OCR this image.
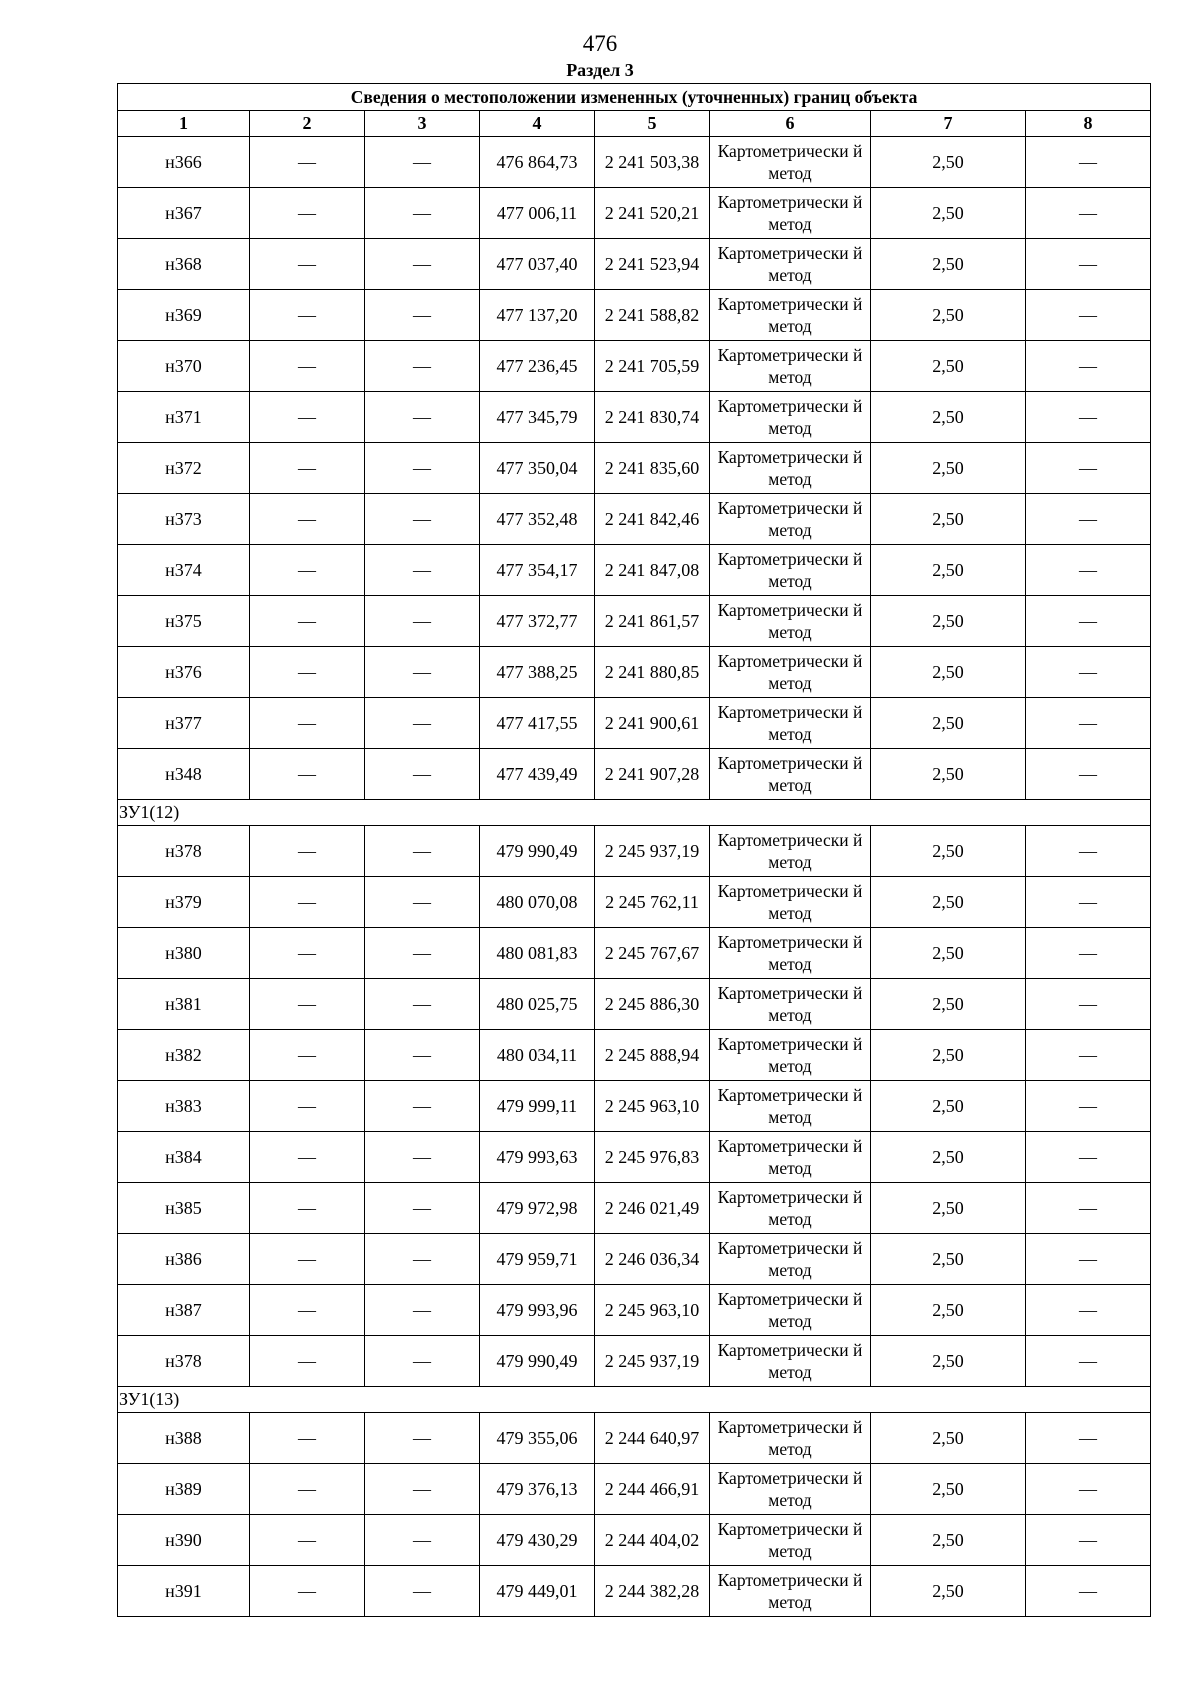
476
Раздел 3
Сведения о местоположении измененных (уточненных) границ объекта							
1	2	3	4	5	6	7	8
н366	—	—	476 864,73	2 241 503,38	Картометрически й метод	2,50	—
н367	—	—	477 006,11	2 241 520,21	Картометрически й метод	2,50	—
н368	—	—	477 037,40	2 241 523,94	Картометрически й метод	2,50	—
н369	—	—	477 137,20	2 241 588,82	Картометрически й метод	2,50	—
н370	—	—	477 236,45	2 241 705,59	Картометрически й метод	2,50	—
н371	—	—	477 345,79	2 241 830,74	Картометрически й метод	2,50	—
н372	—	—	477 350,04	2 241 835,60	Картометрически й метод	2,50	—
н373	—	—	477 352,48	2 241 842,46	Картометрически й метод	2,50	—
н374	—	—	477 354,17	2 241 847,08	Картометрически й метод	2,50	—
н375	—	—	477 372,77	2 241 861,57	Картометрически й метод	2,50	—
н376	—	—	477 388,25	2 241 880,85	Картометрически й метод	2,50	—
н377	—	—	477 417,55	2 241 900,61	Картометрически й метод	2,50	—
н348	—	—	477 439,49	2 241 907,28	Картометрически й метод	2,50	—
ЗУ1(12)							
н378	—	—	479 990,49	2 245 937,19	Картометрически й метод	2,50	—
н379	—	—	480 070,08	2 245 762,11	Картометрически й метод	2,50	—
н380	—	—	480 081,83	2 245 767,67	Картометрически й метод	2,50	—
н381	—	—	480 025,75	2 245 886,30	Картометрически й метод	2,50	—
н382	—	—	480 034,11	2 245 888,94	Картометрически й метод	2,50	—
н383	—	—	479 999,11	2 245 963,10	Картометрически й метод	2,50	—
н384	—	—	479 993,63	2 245 976,83	Картометрически й метод	2,50	—
н385	—	—	479 972,98	2 246 021,49	Картометрически й метод	2,50	—
н386	—	—	479 959,71	2 246 036,34	Картометрически й метод	2,50	—
н387	—	—	479 993,96	2 245 963,10	Картометрически й метод	2,50	—
н378	—	—	479 990,49	2 245 937,19	Картометрически й метод	2,50	—
ЗУ1(13)							
н388	—	—	479 355,06	2 244 640,97	Картометрически й метод	2,50	—
н389	—	—	479 376,13	2 244 466,91	Картометрически й метод	2,50	—
н390	—	—	479 430,29	2 244 404,02	Картометрически й метод	2,50	—
н391	—	—	479 449,01	2 244 382,28	Картометрически й метод	2,50	—
